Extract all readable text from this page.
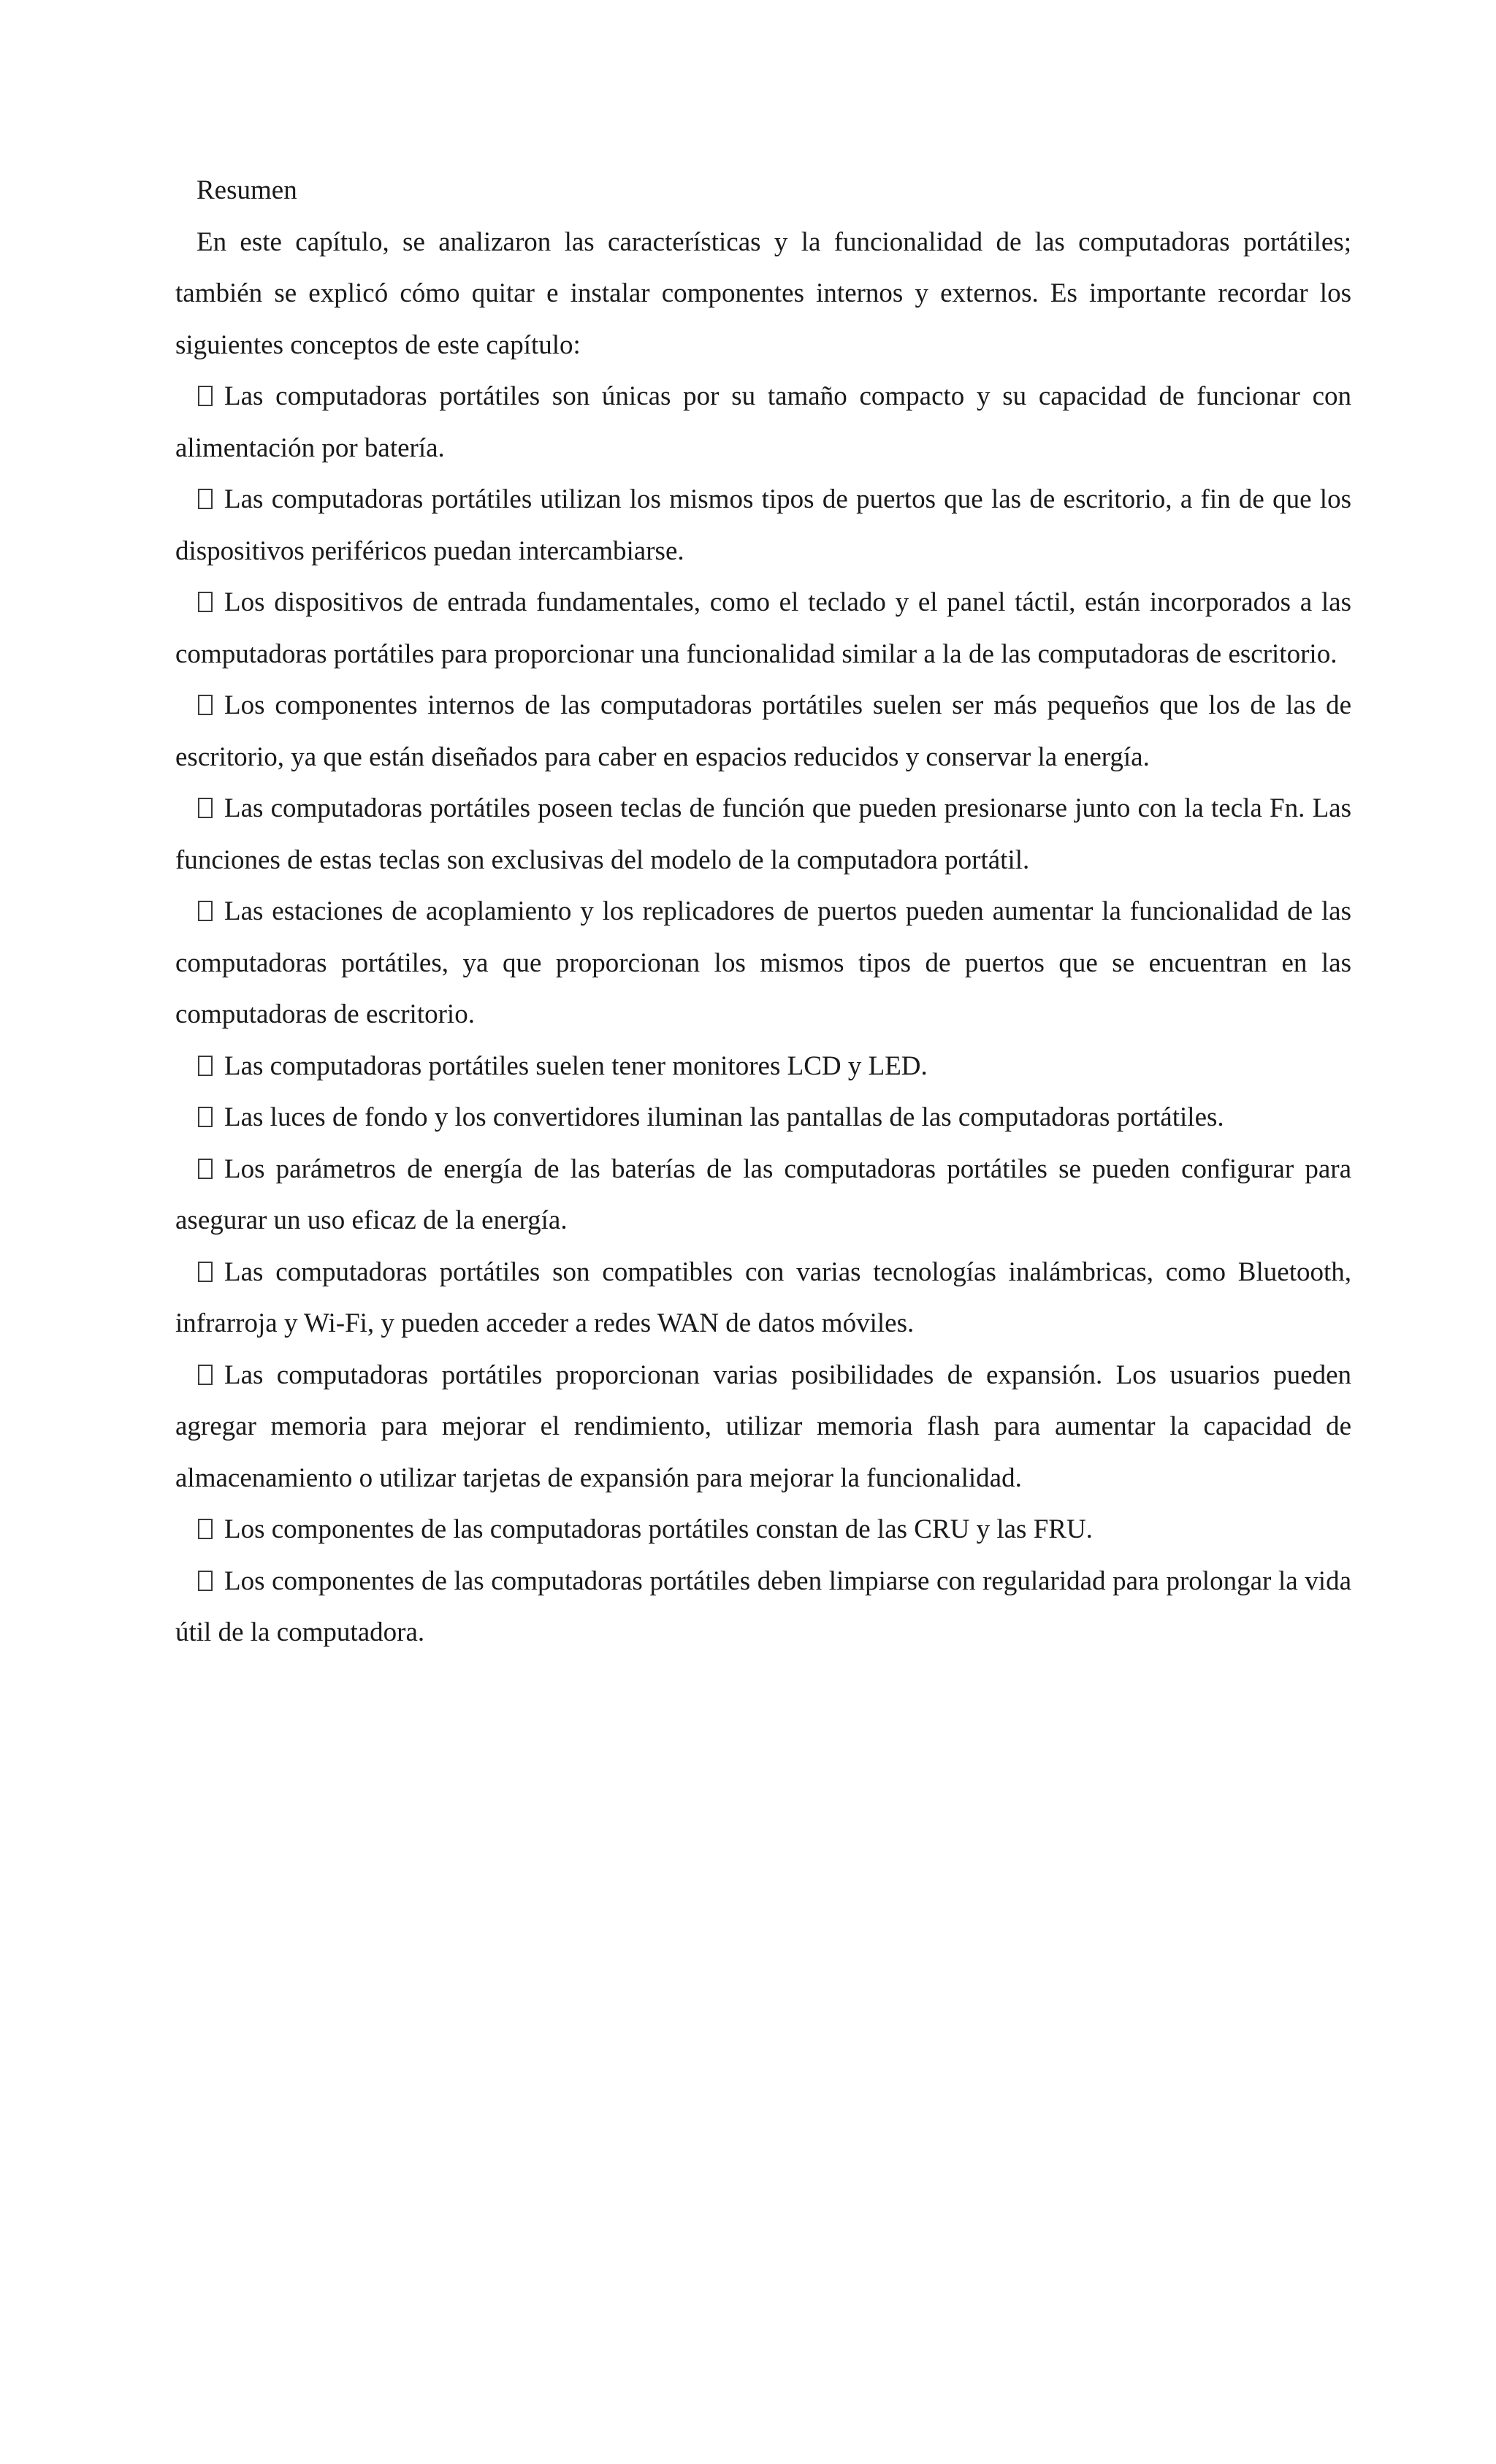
Resumen

En este capítulo, se analizaron las características y la funcionalidad de las computadoras portátiles; también se explicó cómo quitar e instalar componentes internos y externos. Es importante recordar los siguientes conceptos de este capítulo:

Las computadoras portátiles son únicas por su tamaño compacto y su capacidad de funcionar con alimentación por batería.

Las computadoras portátiles utilizan los mismos tipos de puertos que las de escritorio, a fin de que los dispositivos periféricos puedan intercambiarse.

Los dispositivos de entrada fundamentales, como el teclado y el panel táctil, están incorporados a las computadoras portátiles para proporcionar una funcionalidad similar a la de las computadoras de escritorio.

Los componentes internos de las computadoras portátiles suelen ser más pequeños que los de las de escritorio, ya que están diseñados para caber en espacios reducidos y conservar la energía.

Las computadoras portátiles poseen teclas de función que pueden presionarse junto con la tecla Fn. Las funciones de estas teclas son exclusivas del modelo de la computadora portátil.

Las estaciones de acoplamiento y los replicadores de puertos pueden aumentar la funcionalidad de las computadoras portátiles, ya que proporcionan los mismos tipos de puertos que se encuentran en las computadoras de escritorio.

Las computadoras portátiles suelen tener monitores LCD y LED.

Las luces de fondo y los convertidores iluminan las pantallas de las computadoras portátiles.

Los parámetros de energía de las baterías de las computadoras portátiles se pueden configurar para asegurar un uso eficaz de la energía.

Las computadoras portátiles son compatibles con varias tecnologías inalámbricas, como Bluetooth, infrarroja y Wi-Fi, y pueden acceder a redes WAN de datos móviles.

Las computadoras portátiles proporcionan varias posibilidades de expansión. Los usuarios pueden agregar memoria para mejorar el rendimiento, utilizar memoria flash para aumentar la capacidad de almacenamiento o utilizar tarjetas de expansión para mejorar la funcionalidad.

Los componentes de las computadoras portátiles constan de las CRU y las FRU.

Los componentes de las computadoras portátiles deben limpiarse con regularidad para prolongar la vida útil de la computadora.
